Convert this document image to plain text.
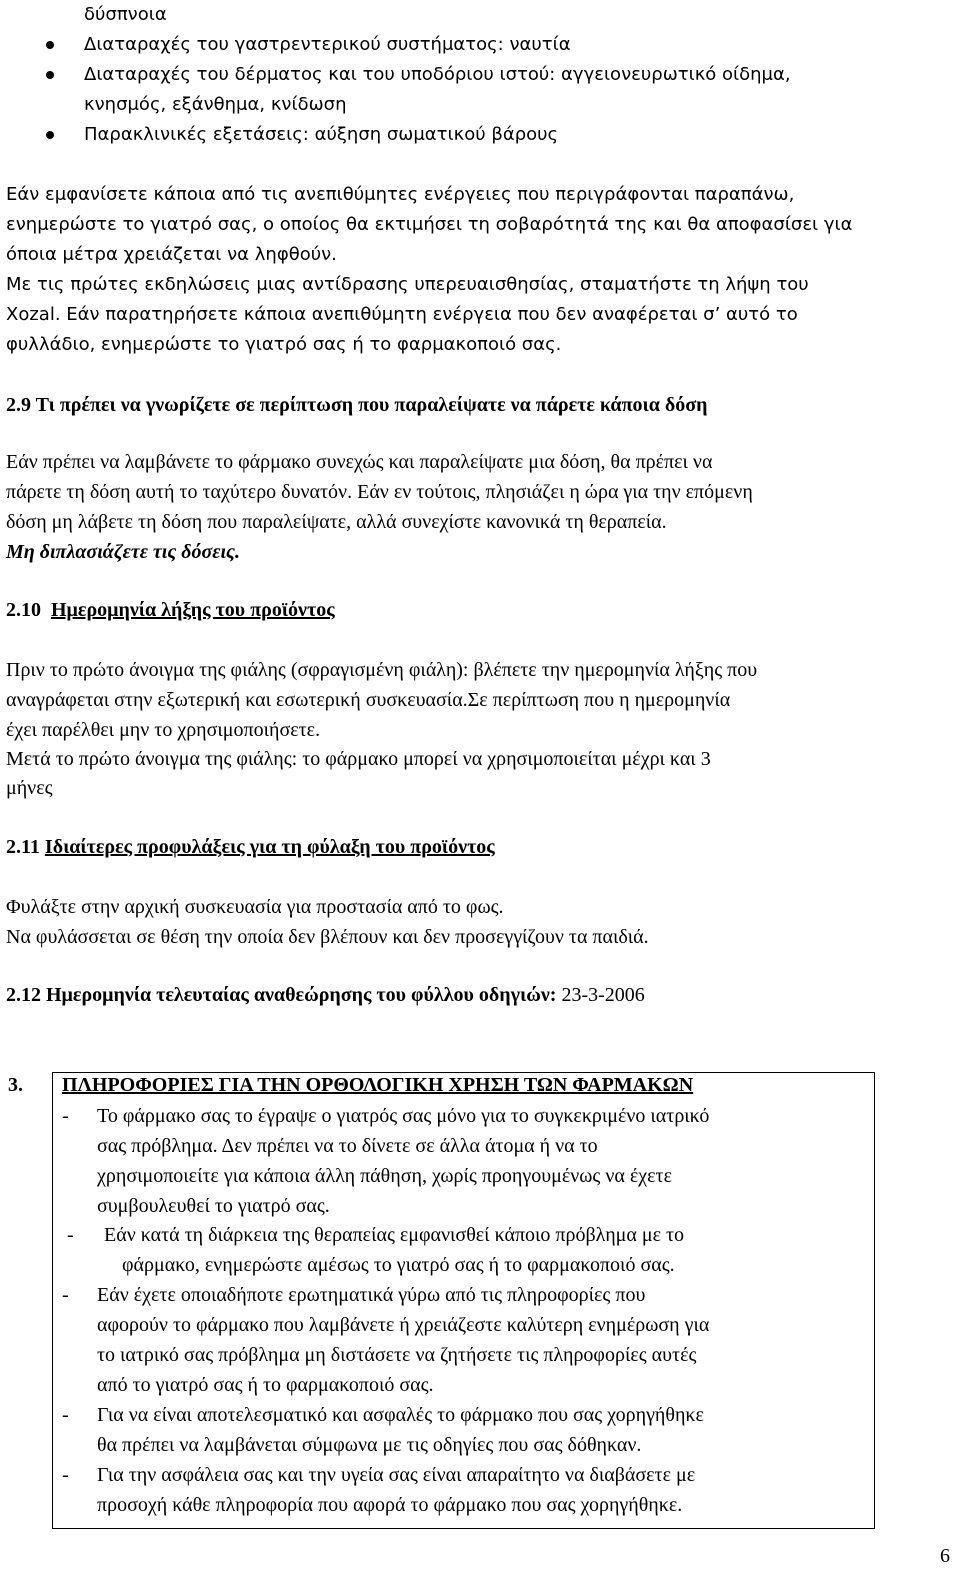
δύσπνοια
Διαταραχές του γαστρεντερικού συστήματος: ναυτία
Διαταραχές του δέρματος και του υποδόριου ιστού: αγγειονευρωτικό οίδημα,
κνησμός, εξάνθημα, κνίδωση
Παρακλινικές εξετάσεις: αύξηση σωματικού βάρους
Εάν εμφανίσετε κάποια από τις ανεπιθύμητες ενέργειες που περιγράφονται παραπάνω,
ενημερώστε το γιατρό σας, ο οποίος θα εκτιμήσει τη σοβαρότητά της και θα αποφασίσει για
όποια μέτρα χρειάζεται να ληφθούν.
Με τις πρώτες εκδηλώσεις μιας αντίδρασης υπερευαισθησίας, σταματήστε τη λήψη του
Xozal. Εάν παρατηρήσετε κάποια ανεπιθύμητη ενέργεια που δεν αναφέρεται σ’ αυτό το
φυλλάδιο, ενημερώστε το γιατρό σας ή το φαρμακοποιό σας.
2.9 Τι πρέπει να γνωρίζετε σε περίπτωση που παραλείψατε να πάρετε κάποια δόση
Εάν πρέπει να λαμβάνετε το φάρμακο συνεχώς και παραλείψατε μια δόση, θα πρέπει να
πάρετε τη δόση αυτή το ταχύτερο δυνατόν. Εάν εν τούτοις, πλησιάζει η ώρα για την επόμενη
δόση μη λάβετε τη δόση που παραλείψατε, αλλά συνεχίστε κανονικά τη θεραπεία.
Μη διπλασιάζετε τις δόσεις.
2.10 Ημερομηνία λήξης του προϊόντος
Πριν το πρώτο άνοιγμα της φιάλης (σφραγισμένη φιάλη): βλέπετε την ημερομηνία λήξης που
αναγράφεται στην εξωτερική και εσωτερική συσκευασία.Σε περίπτωση που η ημερομηνία
έχει παρέλθει μην το χρησιμοποιήσετε.
Μετά το πρώτο άνοιγμα της φιάλης: το φάρμακο μπορεί να χρησιμοποιείται μέχρι και 3
μήνες
2.11 Ιδιαίτερες προφυλάξεις για τη φύλαξη του προϊόντος
Φυλάξτε στην αρχική συσκευασία για προστασία από το φως.
Να φυλάσσεται σε θέση την οποία δεν βλέπουν και δεν προσεγγίζουν τα παιδιά.
2.12 Ημερομηνία τελευταίας αναθεώρησης του φύλλου οδηγιών: 23-3-2006
3. ΠΛΗΡΟΦΟΡΙΕΣ ΓΙΑ ΤΗΝ ΟΡΘΟΛΟΓΙΚΗ ΧΡΗΣΗ ΤΩΝ ΦΑΡΜΑΚΩΝ
- Το φάρμακο σας το έγραψε ο γιατρός σας μόνο για το συγκεκριμένο ιατρικό
σας πρόβλημα. Δεν πρέπει να το δίνετε σε άλλα άτομα ή να το
χρησιμοποιείτε για κάποια άλλη πάθηση, χωρίς προηγουμένως να έχετε
συμβουλευθεί το γιατρό σας.
- Εάν κατά τη διάρκεια της θεραπείας εμφανισθεί κάποιο πρόβλημα με το
φάρμακο, ενημερώστε αμέσως το γιατρό σας ή το φαρμακοποιό σας.
- Εάν έχετε οποιαδήποτε ερωτηματικά γύρω από τις πληροφορίες που
αφορούν το φάρμακο που λαμβάνετε ή χρειάζεστε καλύτερη ενημέρωση για
το ιατρικό σας πρόβλημα μη διστάσετε να ζητήσετε τις πληροφορίες αυτές
από το γιατρό σας ή το φαρμακοποιό σας.
- Για να είναι αποτελεσματικό και ασφαλές το φάρμακο που σας χορηγήθηκε
θα πρέπει να λαμβάνεται σύμφωνα με τις οδηγίες που σας δόθηκαν.
- Για την ασφάλεια σας και την υγεία σας είναι απαραίτητο να διαβάσετε με
προσοχή κάθε πληροφορία που αφορά το φάρμακο που σας χορηγήθηκε.
6
